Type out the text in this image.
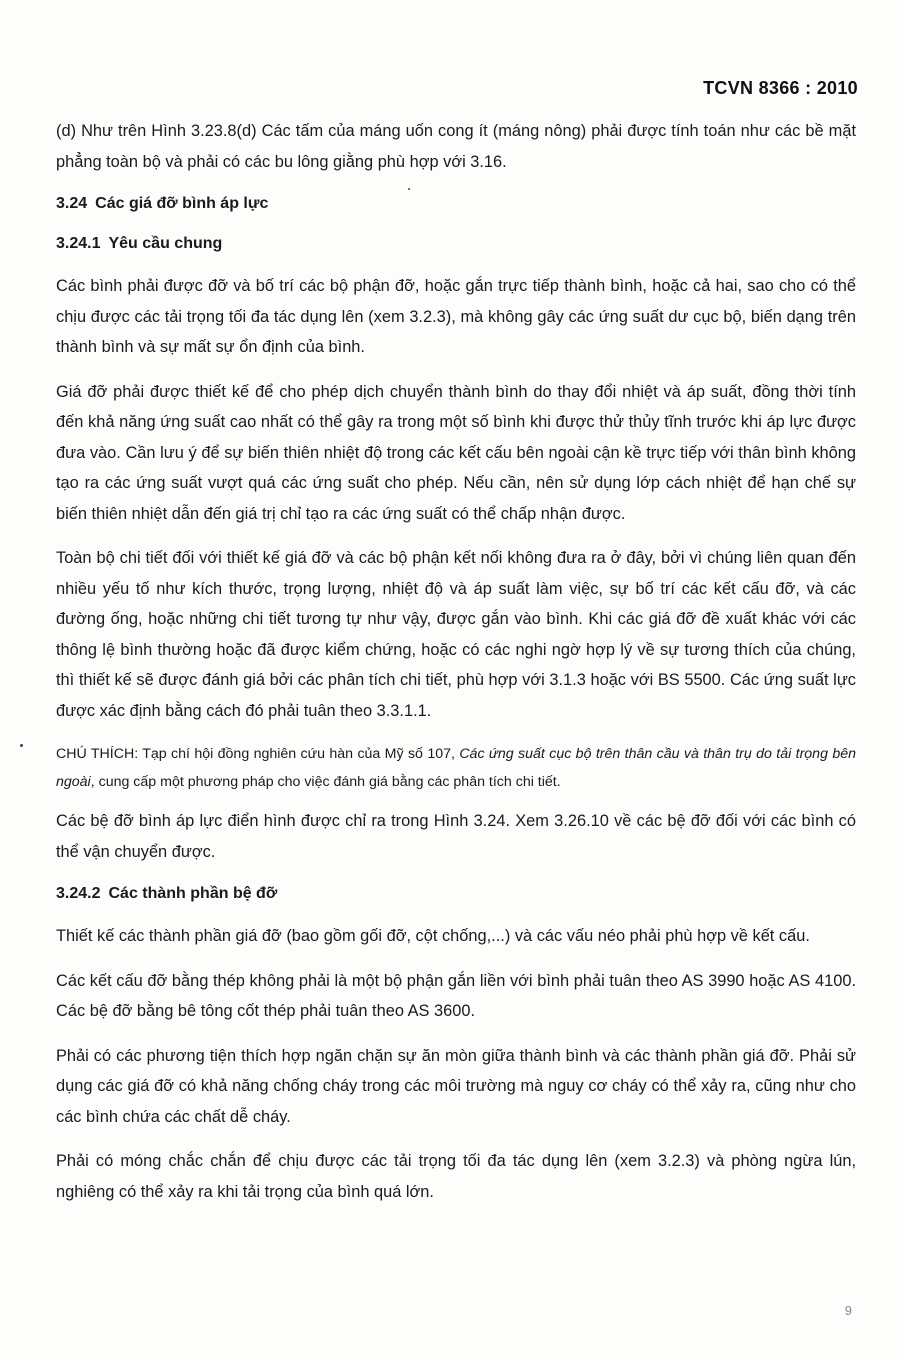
TCVN 8366 : 2010

(d) Như trên Hình 3.23.8(d) Các tấm của máng uốn cong ít (máng nông) phải được tính toán như các bề mặt phẳng toàn bộ và phải có các bu lông giằng phù hợp với 3.16.

3.24 Các giá đỡ bình áp lực
3.24.1 Yêu cầu chung

Các bình phải được đỡ và bố trí các bộ phận đỡ, hoặc gắn trực tiếp thành bình, hoặc cả hai, sao cho có thể chịu được các tải trọng tối đa tác dụng lên (xem 3.2.3), mà không gây các ứng suất dư cục bộ, biến dạng trên thành bình và sự mất sự ổn định của bình.

Giá đỡ phải được thiết kế để cho phép dịch chuyển thành bình do thay đổi nhiệt và áp suất, đồng thời tính đến khả năng ứng suất cao nhất có thể gây ra trong một số bình khi được thử thủy tĩnh trước khi áp lực được đưa vào. Cần lưu ý để sự biến thiên nhiệt độ trong các kết cấu bên ngoài cận kề trực tiếp với thân bình không tạo ra các ứng suất vượt quá các ứng suất cho phép. Nếu cần, nên sử dụng lớp cách nhiệt để hạn chế sự biến thiên nhiệt dẫn đến giá trị chỉ tạo ra các ứng suất có thể chấp nhận được.

Toàn bộ chi tiết đối với thiết kế giá đỡ và các bộ phận kết nối không đưa ra ở đây, bởi vì chúng liên quan đến nhiều yếu tố như kích thước, trọng lượng, nhiệt độ và áp suất làm việc, sự bố trí các kết cấu đỡ, và các đường ống, hoặc những chi tiết tương tự như vậy, được gắn vào bình. Khi các giá đỡ đề xuất khác với các thông lệ bình thường hoặc đã được kiểm chứng, hoặc có các nghi ngờ hợp lý về sự tương thích của chúng, thì thiết kế sẽ được đánh giá bởi các phân tích chi tiết, phù hợp với 3.1.3 hoặc với BS 5500. Các ứng suất lực được xác định bằng cách đó phải tuân theo 3.3.1.1.

CHÚ THÍCH: Tạp chí hội đồng nghiên cứu hàn của Mỹ số 107, Các ứng suất cục bộ trên thân cầu và thân trụ do tải trọng bên ngoài, cung cấp một phương pháp cho việc đánh giá bằng các phân tích chi tiết.

Các bệ đỡ bình áp lực điển hình được chỉ ra trong Hình 3.24. Xem 3.26.10 về các bệ đỡ đối với các bình có thể vận chuyển được.

3.24.2 Các thành phần bệ đỡ

Thiết kế các thành phần giá đỡ (bao gồm gối đỡ, cột chống,...) và các vấu néo phải phù hợp về kết cấu.

Các kết cấu đỡ bằng thép không phải là một bộ phận gắn liền với bình phải tuân theo AS 3990 hoặc AS 4100. Các bệ đỡ bằng bê tông cốt thép phải tuân theo AS 3600.

Phải có các phương tiện thích hợp ngăn chặn sự ăn mòn giữa thành bình và các thành phần giá đỡ. Phải sử dụng các giá đỡ có khả năng chống cháy trong các môi trường mà nguy cơ cháy có thể xảy ra, cũng như cho các bình chứa các chất dễ cháy.

Phải có móng chắc chắn để chịu được các tải trọng tối đa tác dụng lên (xem 3.2.3) và phòng ngừa lún, nghiêng có thể xảy ra khi tải trọng của bình quá lớn.

9
